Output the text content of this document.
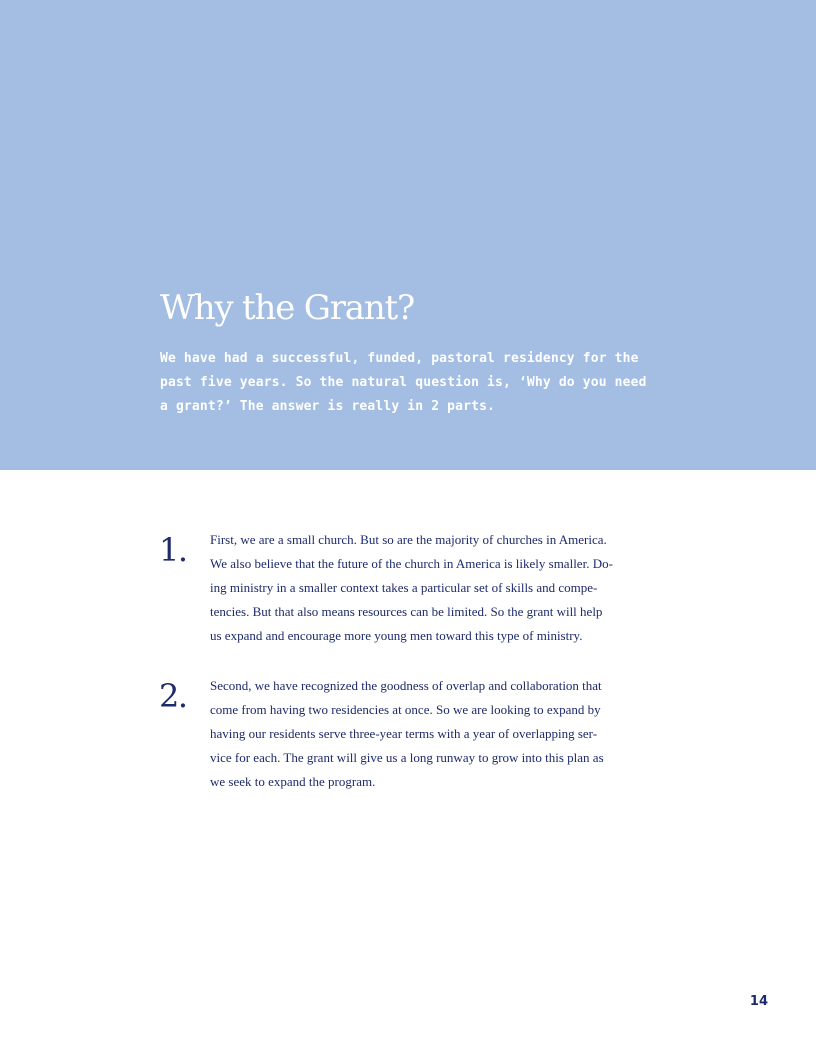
Why the Grant?

We have had a successful, funded, pastoral residency for the
past five years. So the natural question is, ‘Why do you need
a grant?’ The answer is really in 2 parts.

1. First, we are a small church. But so are the majority of churches in America.
We also believe that the future of the church in America is likely smaller. Do-
ing ministry in a smaller context takes a particular set of skills and compe-
tencies. But that also means resources can be limited. So the grant will help
us expand and encourage more young men toward this type of ministry.

2. Second, we have recognized the goodness of overlap and collaboration that
come from having two residencies at once. So we are looking to expand by
having our residents serve three-year terms with a year of overlapping ser-
vice for each. The grant will give us a long runway to grow into this plan as
we seek to expand the program.

14
